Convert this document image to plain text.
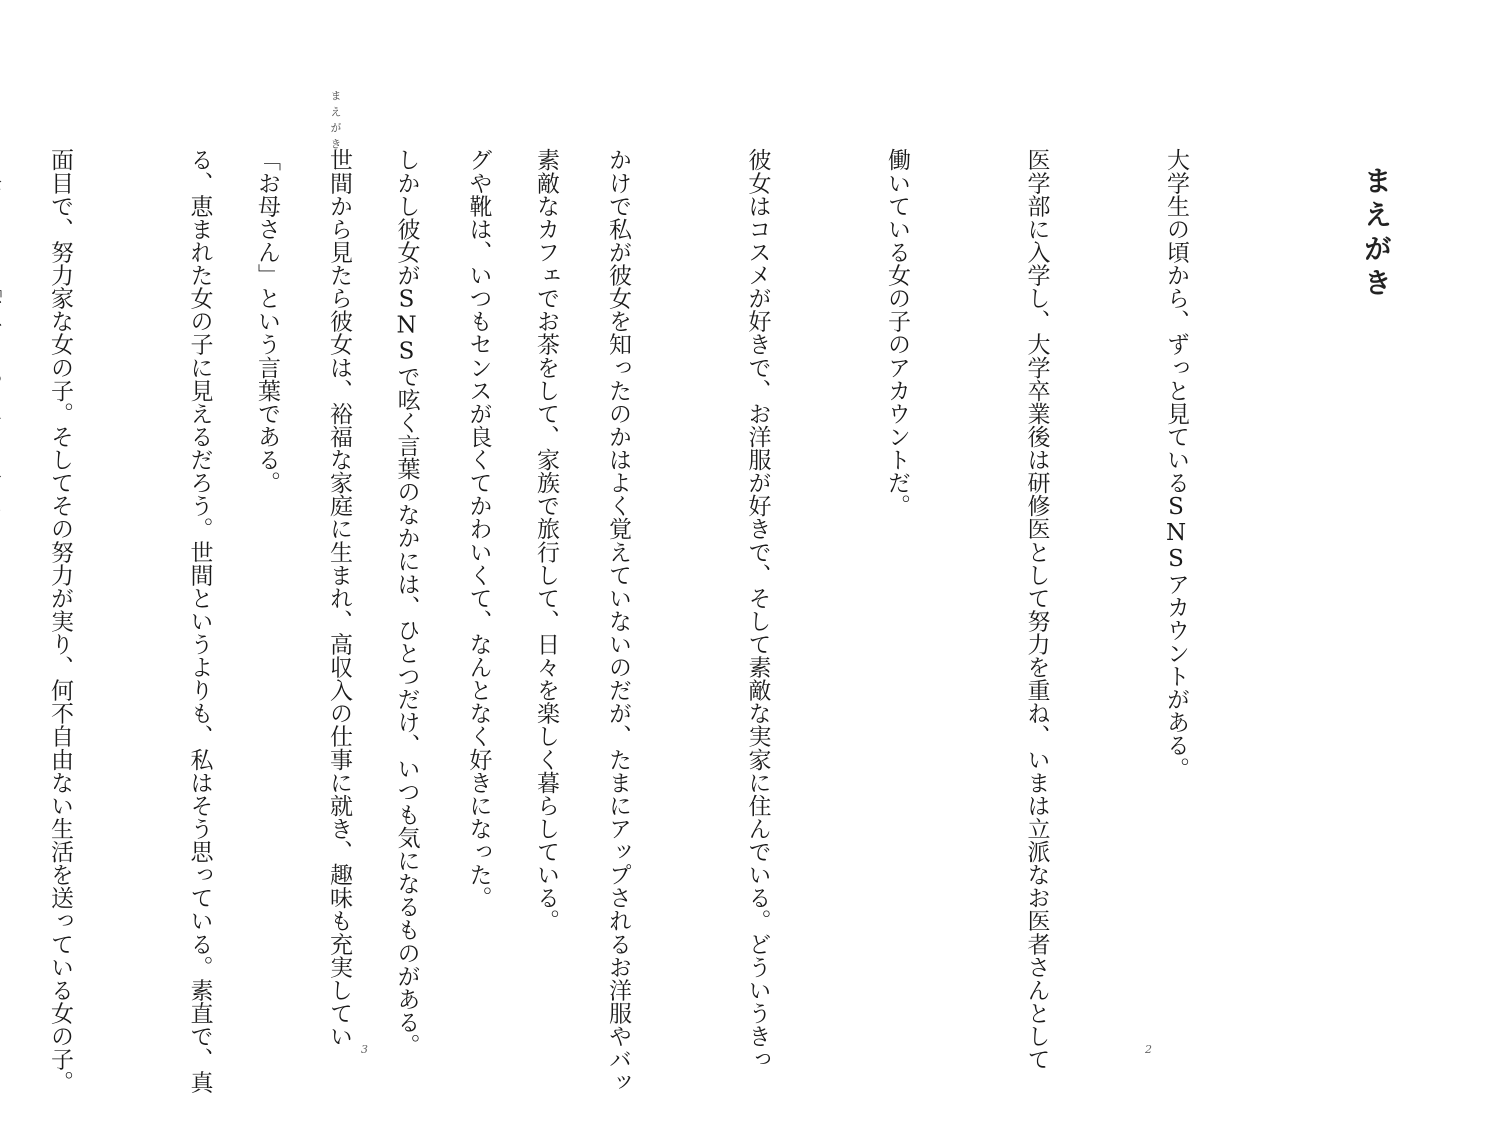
まえがき
まえがき

大学生の頃から、ずっと見ているSNSアカウントがある。

医学部に入学し、大学卒業後は研修医として努力を重ね、いまは立派なお医者さんとして

働いている女の子のアカウントだ。

彼女はコスメが好きで、お洋服が好きで、そして素敵な実家に住んでいる。どういうきっ

かけで私が彼女を知ったのかはよく覚えていないのだが、たまにアップされるお洋服やバッ

グや靴は、いつもセンスが良くてかわいくて、なんとなく好きになった。

世間から見たら彼女は、裕福な家庭に生まれ、高収入の仕事に就き、趣味も充実してい

る、恵まれた女の子に見えるだろう。世間というよりも、私はそう思っている。素直で、真

面目で、努力家な女の子。そしてその努力が実り、何不自由ない生活を送っている女の子。

	素敵なカフェでお茶をして、家族で旅行して、日々を楽しく暮らしている。

しかし彼女がSNSで呟く言葉のなかには、ひとつだけ、いつも気になるものがある。

「お母さん」という言葉である。

3	2
